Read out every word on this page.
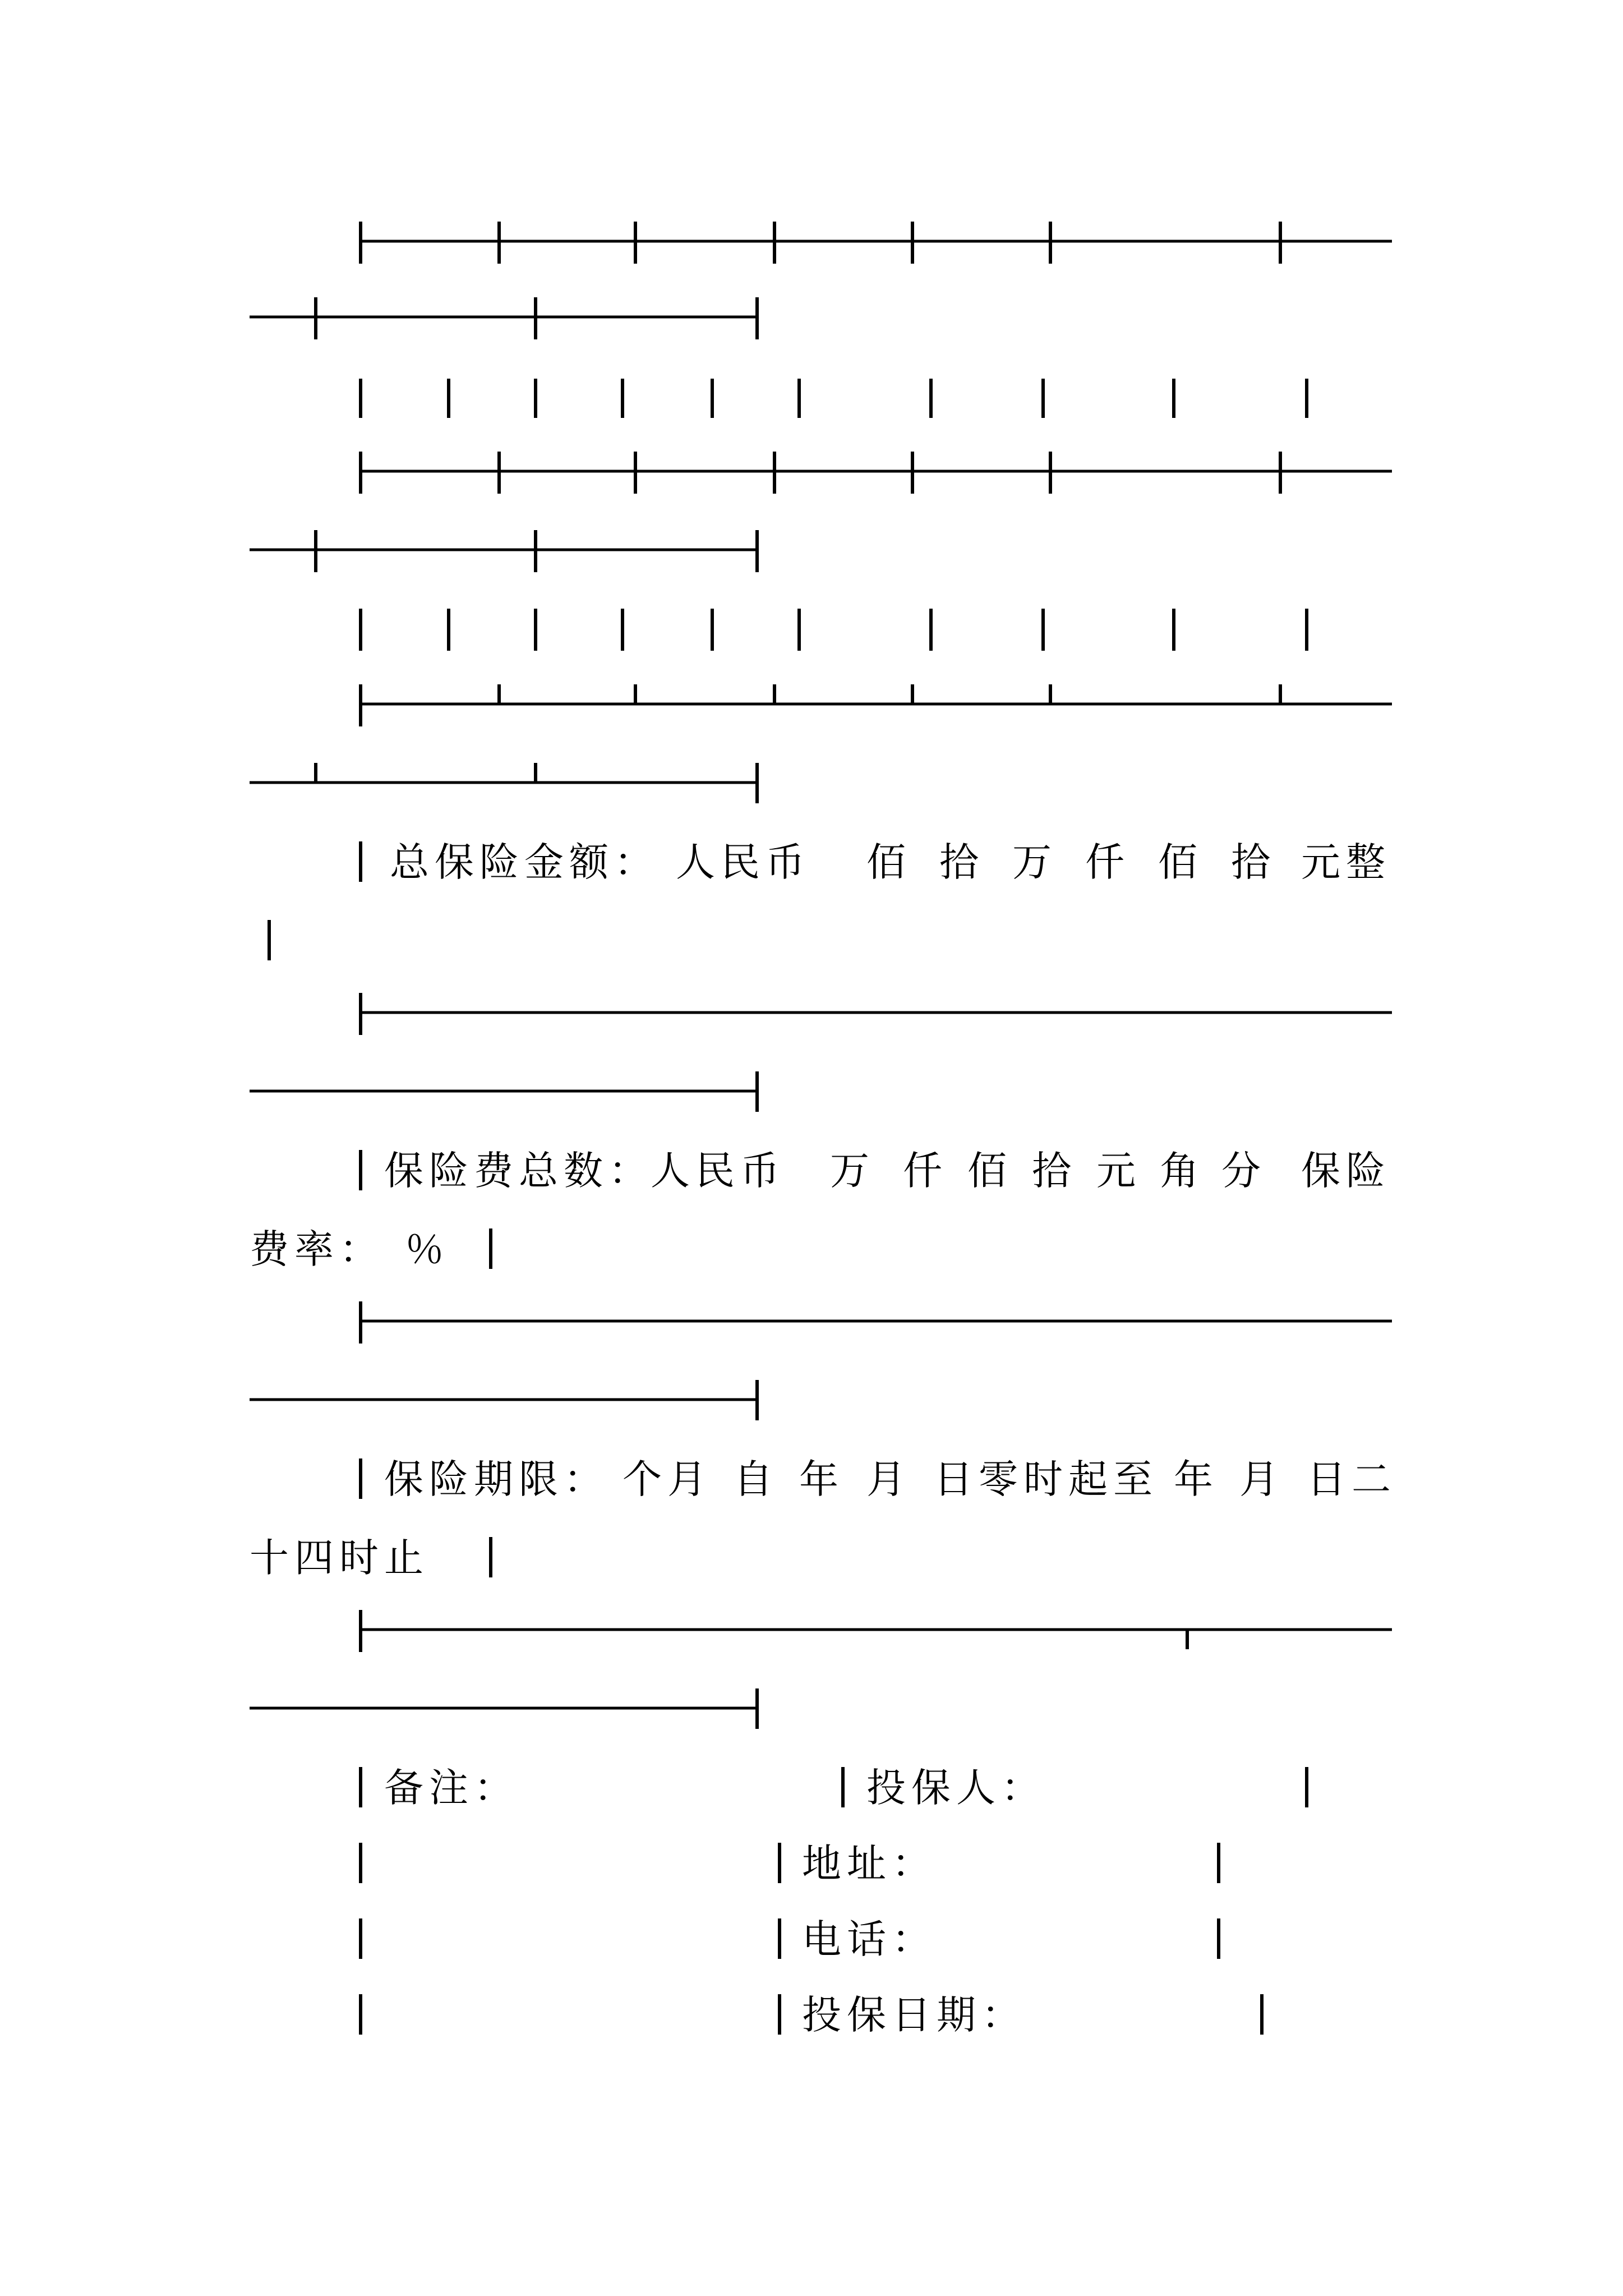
总保险金额： 人民币 佰 拾 万 仟 佰 拾 元整
保险费总数：
人民币 万 仟 佰 拾 元 角 分 保险
费率： ％
保险期限： 个月 自 年 月 日零时起至 年 月 日二
十四时止
备注：	投保人：
地址：
电话：
投保日期：
